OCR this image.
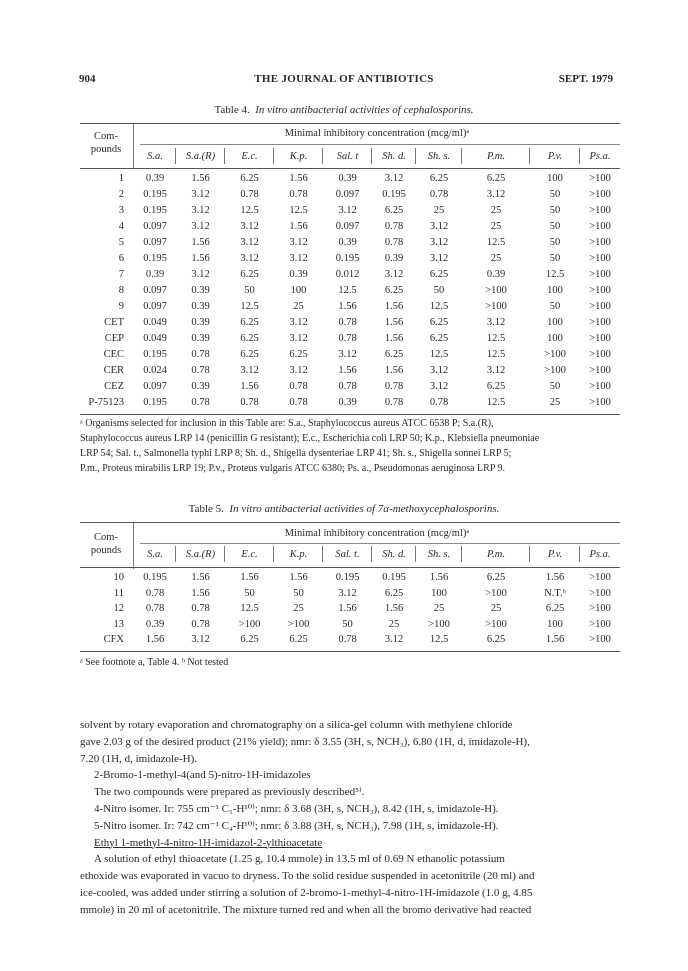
904	THE JOURNAL OF ANTIBIOTICS	SEPT. 1979
Table 4. In vitro antibacterial activities of cephalosporins.
Com-
pounds
Minimal inhibitory concentration (mcg/ml)ᵃ
S.a.	S.a.(R)	E.c.	K.p.	Sal. t	Sh. d.	Sh. s.	P.m.	P.v.	Ps.a.
1	0.39	1.56	6.25	1.56	0.39	3.12	6.25	6.25	100	>100
2	0.195	3.12	0.78	0.78	0.097	0.195	0.78	3.12	50	>100
3	0.195	3.12	12.5	12.5	3.12	6.25	25	25	50	>100
4	0.097	3.12	3.12	1.56	0.097	0.78	3.12	25	50	>100
5	0.097	1.56	3.12	3.12	0.39	0.78	3.12	12.5	50	>100
6	0.195	1.56	3.12	3.12	0.195	0.39	3.12	25	50	>100
7	0.39	3.12	6.25	0.39	0.012	3.12	6.25	0.39	12.5	>100
8	0.097	0.39	50	100	12.5	6.25	50	>100	100	>100
9	0.097	0.39	12.5	25	1.56	1.56	12.5	>100	50	>100
CET	0.049	0.39	6.25	3.12	0.78	1.56	6.25	3.12	100	>100
CEP	0.049	0.39	6.25	3.12	0.78	1.56	6.25	12.5	100	>100
CEC	0.195	0.78	6.25	6.25	3.12	6.25	12.5	12.5	>100	>100
CER	0.024	0.78	3.12	3.12	1.56	1.56	3.12	3.12	>100	>100
CEZ	0.097	0.39	1.56	0.78	0.78	0.78	3.12	6.25	50	>100
P-75123	0.195	0.78	0.78	0.78	0.39	0.78	0.78	12.5	25	>100
ᵃ Organisms selected for inclusion in this Table are: S.a., Staphylococcus aureus ATCC 6538 P; S.a.(R),
Staphylococcus aureus LRP 14 (penicillin G resistant); E.c., Escherichia coli LRP 50; K.p., Klebsiella pneumoniae
LRP 54; Sal. t., Salmonella typhi LRP 8; Sh. d., Shigella dysenteriae LRP 41; Sh. s., Shigella sonnei LRP 5;
P.m., Proteus mirabilis LRP 19; P.v., Proteus vulgaris ATCC 6380; Ps. a., Pseudomonas aeruginosa LRP 9.
Table 5. In vitro antibacterial activities of 7α-methoxycephalosporins.
Com-
pounds
Minimal inhibitory concentration (mcg/ml)ᵃ
S.a.	S.a.(R)	E.c.	K.p.	Sal. t.	Sh. d.	Sh. s.	P.m.	P.v.	Ps.a.
10	0.195	1.56	1.56	1.56	0.195	0.195	1.56	6.25	1.56	>100
11	0.78	1.56	50	50	3.12	6.25	100	>100	N.T.ᵇ	>100
12	0.78	0.78	12.5	25	1.56	1.56	25	25	6.25	>100
13	0.39	0.78	>100	>100	50	25	>100	>100	100	>100
CFX	1.56	3.12	6.25	6.25	0.78	3.12	12.5	6.25	1.56	>100
ᵃ See footnote a, Table 4. ᵇ Not tested
solvent by rotary evaporation and chromatography on a silica-gel column with methylene chloride
gave 2.03 g of the desired product (21% yield); nmr: δ 3.55 (3H, s, NCH₃), 6.80 (1H, d, imidazole-H),
7.20 (1H, d, imidazole-H).
2-Bromo-1-methyl-4(and 5)-nitro-1H-imidazoles
The two compounds were prepared as previously described⁵⁾.
4-Nitro isomer. Ir: 755 cm⁻¹ C₅-H¹⁰⁾; nmr: δ 3.68 (3H, s, NCH₃), 8.42 (1H, s, imidazole-H).
5-Nitro isomer. Ir: 742 cm⁻¹ C₄-H¹⁰⁾; nmr: δ 3.88 (3H, s, NCH₃), 7.98 (1H, s, imidazole-H).
Ethyl 1-methyl-4-nitro-1H-imidazol-2-ylthioacetate
A solution of ethyl thioacetate (1.25 g, 10.4 mmole) in 13.5 ml of 0.69 N ethanolic potassium
ethoxide was evaporated in vacuo to dryness. To the solid residue suspended in acetonitrile (20 ml) and
ice-cooled, was added under stirring a solution of 2-bromo-1-methyl-4-nitro-1H-imidazole (1.0 g, 4.85
mmole) in 20 ml of acetonitrile. The mixture turned red and when all the bromo derivative had reacted
